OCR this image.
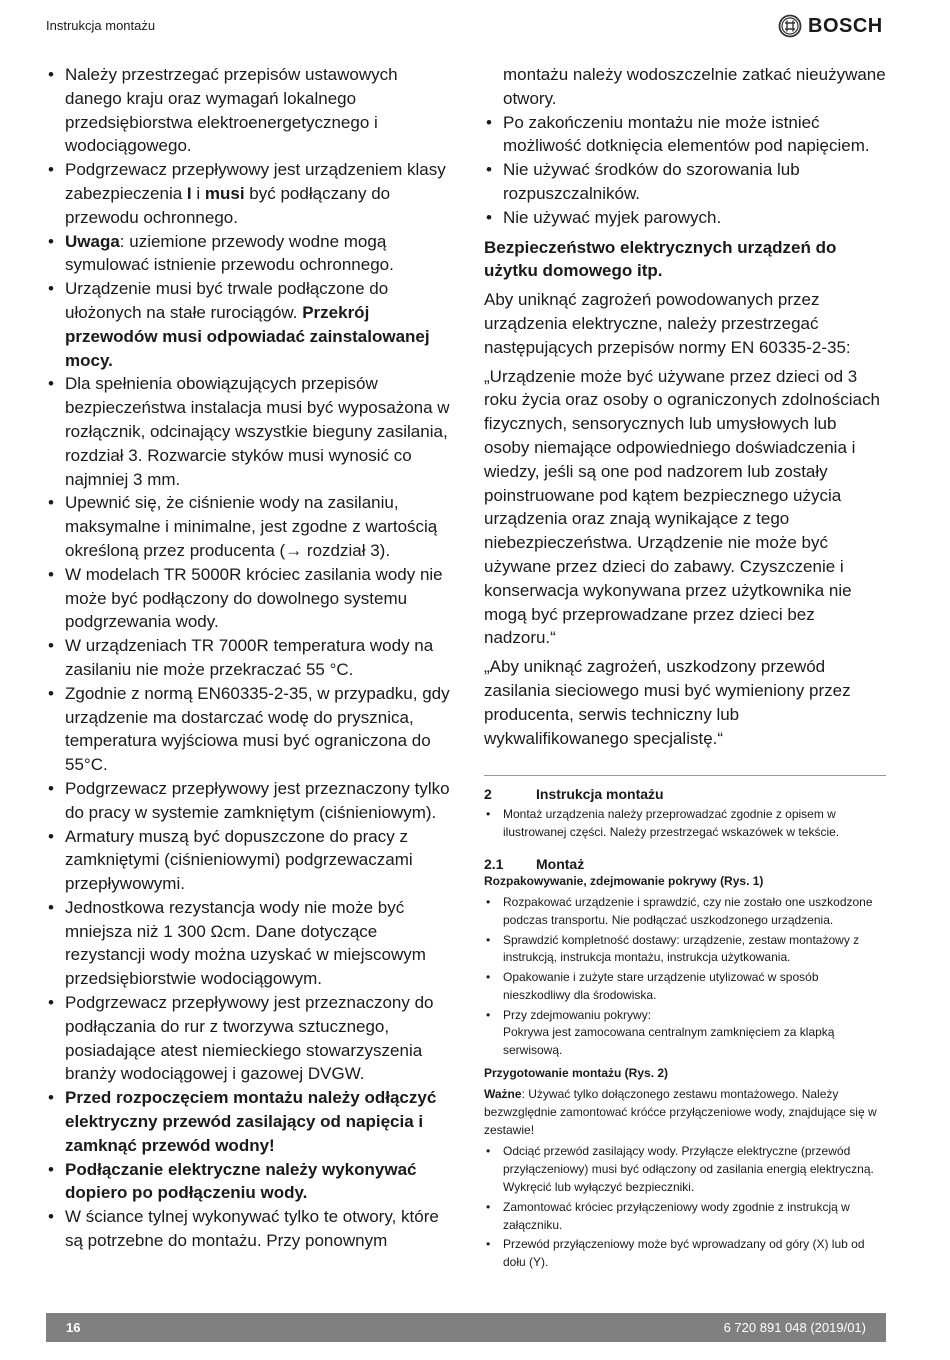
Instrukcja montażu	BOSCH
• Należy przestrzegać przepisów ustawowych danego kraju oraz wymagań lokalnego przedsiębiorstwa elektroenergetycznego i wodociągowego.
• Podgrzewacz przepływowy jest urządzeniem klasy zabezpieczenia I i musi być podłączany do przewodu ochronnego.
• Uwaga: uziemione przewody wodne mogą symulować istnienie przewodu ochronnego.
• Urządzenie musi być trwale podłączone do ułożonych na stałe rurociągów. Przekrój przewodów musi odpowiadać zainstalowanej mocy.
• Dla spełnienia obowiązujących przepisów bezpieczeństwa instalacja musi być wyposażona w rozłącznik, odcinający wszystkie bieguny zasilania, rozdział 3. Rozwarcie styków musi wynosić co najmniej 3 mm.
• Upewnić się, że ciśnienie wody na zasilaniu, maksymalne i minimalne, jest zgodne z wartością określoną przez producenta (→ rozdział 3).
• W modelach TR 5000R króciec zasilania wody nie może być podłączony do dowolnego systemu podgrzewania wody.
• W urządzeniach TR 7000R temperatura wody na zasilaniu nie może przekraczać 55 °C.
• Zgodnie z normą EN60335-2-35, w przypadku, gdy urządzenie ma dostarczać wodę do prysznica, temperatura wyjściowa musi być ograniczona do 55°C.
• Podgrzewacz przepływowy jest przeznaczony tylko do pracy w systemie zamkniętym (ciśnieniowym).
• Armatury muszą być dopuszczone do pracy z zamkniętymi (ciśnieniowymi) podgrzewaczami przepływowymi.
• Jednostkowa rezystancja wody nie może być mniejsza niż 1 300 Ωcm. Dane dotyczące rezystancji wody można uzyskać w miejscowym przedsiębiorstwie wodociągowym.
• Podgrzewacz przepływowy jest przeznaczony do podłączania do rur z tworzywa sztucznego, posiadające atest niemieckiego stowarzyszenia branży wodociągowej i gazowej DVGW.
• Przed rozpoczęciem montażu należy odłączyć elektryczny przewód zasilający od napięcia i zamknąć przewód wodny!
• Podłączanie elektryczne należy wykonywać dopiero po podłączeniu wody.
• W ściance tylnej wykonywać tylko te otwory, które są potrzebne do montażu. Przy ponownym
montażu należy wodoszczelnie zatkać nieużywane otwory.
• Po zakończeniu montażu nie może istnieć możliwość dotknięcia elementów pod napięciem.
• Nie używać środków do szorowania lub rozpuszczalników.
• Nie używać myjek parowych.
Bezpieczeństwo elektrycznych urządzeń do użytku domowego itp.

Aby uniknąć zagrożeń powodowanych przez urządzenia elektryczne, należy przestrzegać następujących przepisów normy EN 60335-2-35:

„Urządzenie może być używane przez dzieci od 3 roku życia oraz osoby o ograniczonych zdolnościach fizycznych, sensorycznych lub umysłowych lub osoby niemające odpowiedniego doświadczenia i wiedzy, jeśli są one pod nadzorem lub zostały poinstruowane pod kątem bezpiecznego użycia urządzenia oraz znają wynikające z tego niebezpieczeństwa. Urządzenie nie może być używane przez dzieci do zabawy. Czyszczenie i konserwacja wykonywana przez użytkownika nie mogą być przeprowadzane przez dzieci bez nadzoru.“

„Aby uniknąć zagrożeń, uszkodzony przewód zasilania sieciowego musi być wymieniony przez producenta, serwis techniczny lub wykwalifikowanego specjalistę.“

2	Instrukcja montażu
• Montaż urządzenia należy przeprowadzać zgodnie z opisem w ilustrowanej części. Należy przestrzegać wskazówek w tekście.
2.1 Montaż
Rozpakowywanie, zdejmowanie pokrywy (Rys. 1)
• Rozpakować urządzenie i sprawdzić, czy nie zostało one uszkodzone podczas transportu. Nie podłączać uszkodzonego urządzenia.
• Sprawdzić kompletność dostawy: urządzenie, zestaw montażowy z instrukcją, instrukcja montażu, instrukcja użytkowania.
• Opakowanie i zużyte stare urządzenie utylizować w sposób nieszkodliwy dla środowiska.
• Przy zdejmowaniu pokrywy:
Pokrywa jest zamocowana centralnym zamknięciem za klapką serwisową.
Przygotowanie montażu (Rys. 2)

Ważne: Używać tylko dołączonego zestawu montażowego. Należy bezwzględnie zamontować króćce przyłączeniowe wody, znajdujące się w zestawie!

• Odciąć przewód zasilający wody. Przyłącze elektryczne (przewód przyłączeniowy) musi być odłączony od zasilania energią elektryczną. Wykręcić lub wyłączyć bezpieczniki.
• Zamontować króciec przyłączeniowy wody zgodnie z instrukcją w załączniku.
• Przewód przyłączeniowy może być wprowadzany od góry (X) lub od dołu (Y).
16	6 720 891 048 (2019/01)
